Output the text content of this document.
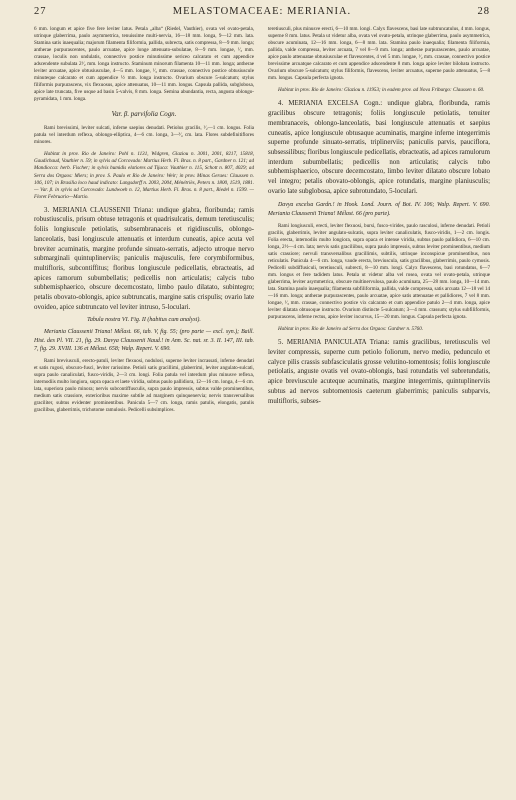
27	MELASTOMACEAE: MERIANIA.	28

6 mm. longum et apice five fere leviter latus. Petala „alba“ (Riedel, Vauthier), ovata vel ovato-petala, utrinque glaberrima, paulo asymmetrica, tenuissime multi-nervia, 16—18 mm. longa, 9—12 mm. lata. Stamina satis inaequalia; majorum filamenta filiformia, pallida, subrecta, satis compressa, 8—9 mm. longa; antherae purpurascentes, paulo arcuatae, apice longe attenuato-subulatae, 8—9 mm. longae, ¹⁄₃ mm. crassae, loculis non undulatis, connectivo postice minutissime sericeo calcarato et cum appendice adscendente subulata 2¹⁄₂ mm. longa instructo. Staminum minorum filamenta 10—11 mm. longa; antherae leviter arcuatae, apice obtusiusculae, 4—5 mm. longae, ¹⁄₃ mm. crassae, connectivo postice obtusiuscule minuteque calcarato et cum appendice ½ mm. longa instructo. Ovarium obscure 5-sulcatum; stylus filiformis purpurascens, vix flexuosus, apice attenuatus, 10—11 mm. longus. Capsula pallida, subglobosa, apice late truncata, five usque ad basin 5-valvis, 8 mm. longa. Semina abundantia, recta, angusta oblongo-pyramidata, 1 mm. longa.

Var. β. parvifolia Cogn.

Rami brevissimi, leviter sulcati, inferne saepius denudati. Petiolus gracilis, ¹⁄₂—1 cm. longus. Folia patula vel interdum reflexa, oblongo-elliptica, 4—6 cm. longa, 3—³⁄₄ cm. lata. Flores subdefinitiflores minores.

Habitat in prov. Rio de Janeiro: Pohl n. 1131, Widgren, Glaziou n. 3001, 2001, 8217, 15818, Gaudichaud, Vauthier n. 59; in sylvis ad Corcovado: Martius Herb. Fl. Bras. n. 8 part., Gardner n. 121; ad Mandiocca: herb. Fischer; in sylvis humidis elatiores ad Tijuca: Vauthier n. 115, Schott n. 807, 4029; ad Serra dos Orgaos: Miers; in prov. S. Paulo et Rio de Janeiro: Weir; in prov. Minas Geraes: Claussen n. 106, 107; in Brasilia loco haud indicato: Langsdorff n. 2003, 2004, Ménétriès, Peters n. 1800, 1519, 1881. — Var. β. in sylvis ad Corcovado: Lundwoeh n. 12, Martius Herb. Fl. Bras. n. 8 part., Riedel n. 1599. — Floret Februario—Martio.

3. MERIANIA CLAUSSENII Triana: undique glabra, floribunda; ramis robustiusculis, prisum obtuse tetragonis et quadrisulcatis, demum teretiusculis; foliis longiuscule petiolatis, subsembranaceis et rigidiusculis, oblongo-lanceolatis, basi longiuscule attenuatis et interdum cuneatis, apice acuta vel breviter acuminatis, margine profunde sinuato-serratis, adjecto utroque nervo submarginali quintuplinerviis; paniculis majusculis, fere corymbiformibus, multifloris, subcontiffitus; floribus longiuscule pedicellatis, ebracteatis, ad apices ramorum subumbellatis; pedicellis non articulatis; calycis tubo subhemisphaerico, obscure decemcostato, limbo paulo dilatato, subintegro; petalis obovato-oblongis, apice subtruncatis, margine satis crispulis; ovario late ovoideo, apice subtruncato vel leviter intruso, 5-loculari.

Tabula nostra VI. Fig. II (habitus cum analysi).

Meriania Claussenii Triana! Mélast. 66, tab. V, fig. 55; (pro parte — excl. syn.); Baill. Hist. des Pl. VII. 21, fig. 29. Davya Claussenii Naud.! in Ann. Sc. nat. sr. 3. II. 147, III. tab. 7, fig. 29. XVIII. 136 et Mélast. 658; Walp. Repert. V. 690.

Rami breviusculi, erecto-patuli, leviter flexuosi, nodulosi, superne leviter incrassati, inferne denudati et satis rugosi, obscuro-fusci, leviter rarissime. Petioli satis gracillimi, glaberrimi, leviter angulato-sulcati, supra paulo canaliculati, fusco-viridis, 2—3 cm. longi. Folia patula vel interdum plus minusve reflexa, internodiis multo longiora, supra opaca et laete viridia, subtus paulo pallidiora, 12—16 cm. longa, 4—6 cm. lata, superiora paulo minora; nervis subcontiffusculis, supra paulo impressis, subtus valde prominentibus, medium satis crassiore, exterioribus maxime subtile ad marginem quinquenervia; nervis transversalibus graciliter, subtus evidenter prominentibus. Panicula 5—7 cm. longa, ramis patulis, elongatis, patulis gracilibus, glaberrimis, trichotome ramulosis. Pedicelli subsimplices.

teretiusculi, plus minusve erecti, 6—10 mm. longi. Calyx flavescens, basi late subtruncatulus, 4 mm. longus, superne 8 mm. latus. Petala ut videtur alba, ovata vel ovato-petala, utrinque glaberrima, paulo asymmetrica, obscure acuminata, 12—16 mm. longa, 6—8 mm. lata. Stamina paulo inaequalia; filamenta filiformia, pallida, valde compressa, leviter arcuata, 7 vel 8—9 mm. longa; antherae purpurascentes, paulo arcuatae, apice paulo attenuatae obtusiusculae et flavescentes, 4 vel 5 mm. longae, ¹⁄₂ mm. crassae, connectivo postice brevissime arcuatque calcarato et cum appendice adscendente 8 mm. longa apice leviter bilobata instructo. Ovarium obscure 5-sulcatum; stylus filiformis, flavescens, leviter arcuatus, superne paulo attenuatus, 5—8 mm. longus. Capsula perfecta ignota.

Habitat in prov. Rio de Janeiro: Glaziou n. 11953; in eadem prov. ad Nova Friburgo: Claussen n. 60.

4. MERIANIA EXCELSA Cogn.: undique glabra, floribunda, ramis gracilibus obscure tetragonis; foliis longiuscule petiolatis, tenuiter membranaceis, oblongo-lanceolatis, basi longiuscule attenuatis et saepius cuneatis, apice longiuscule obtusaque acuminatis, margine inferne integerrimis superne profunde sinuato-serratis, triplinerviis; paniculis parvis, pauciflora, subsessilibus; floribus longiuscule pedicellatis, ebracteatis, ad apices ramulorum interdum subumbellatis; pedicellis non articulatis; calycis tubo subhemisphaerico, obscure decemcostato, limbo leviter dilatato obscure lobato vel integro; petalis obovato-oblongis, apice rotundatis, margine planiusculis; ovario late subglobosa, apice subrotundato, 5-loculari.

Davya excelsa Gardn.! in Hook. Lond. Journ. of Bot. IV. 106; Walp. Repert. V. 690. Meriania Claussenii Triana! Mélast. 66 (pro parte).

Rami longiusculi, erecti, leviter flexuosi, bursi, fusco-virides, paulo rasculosi, inferne denudati. Petioli gracilis, glaberrimis, leviter angulato-sulcatis, supra leviter canaliculatis, fusco-viridis, 1—2 cm. longis. Folia erecta, internodiis multo longiora, supra opaca et intense viridia, subtus paulo pallidiora, 6—10 cm. longa, 2½—4 cm. lata; nervis satis graciliibus, supra paulo impressis, subtus leviter prominentibus, medium satis crassiore; nervuli transversalibus gracillimis, subtilis, utrinque inconspicue prominentibus, non reticulatis. Panicula 4—6 cm. longa, vaude erecta, breviuscula, satis gracilibus, glaberrimis, paulo cymosis. Pedicelli subdiffusiculi, teretiusculi, subrecti, 8—10 mm. longi. Calyx flavescens, basi rotundatus, 6—7 mm. longus et fere tadidem latus. Petala ut videtur alba vel rosea, ovata vel ovato-petala, utrinque glaberrima, leviter asymmetrica, obscure multinervulosa, paulo acuminata, 25—28 mm. longa, 10—14 mm. lata. Stamina paulo inaequalia; filamenta subfiliformia, pallida, valde compressa, satis arcuata 12—18 vel 14—16 mm. longa; antherae purpurascentes, paulo arcuatae, apice satis attenuatae et pallidiores, 7 vel 8 mm. longae, ¹⁄₃ mm. crassae, connectivo postice vix calcarato et cum appendice patulo 2—4 mm. longa, apice leviter dilatata obtusoque instructo. Ovarium distincte 5-sulcatum; 3—4 mm. crassum; stylus subfiliformis, purpurascens, inferne rectus, apice leviter incurvus, 15—20 mm. longus. Capsula perfecta ignota.

Habitat in prov. Rio de Janeiro ad Serra dos Orgaos: Gardner n. 5760.

5. MERIANIA PANICULATA Triana: ramis gracilibus, teretiusculis vel leviter compressis, superne cum petiolo foliorum, nervo medio, pedunculo et calyce pilis crassis subfasciculatis grosse velutino-tomentosis; foliis longiuscule petiolatis, anguste ovatis vel ovato-oblongis, basi rotundatis vel subretundatis, apice breviuscule acuteque acuminatis, margine integerrimis, quintuplinerviis subtus ad nervos subtomentosis caeterum glaberrimis; paniculis subparvis, multifloris, subses-
